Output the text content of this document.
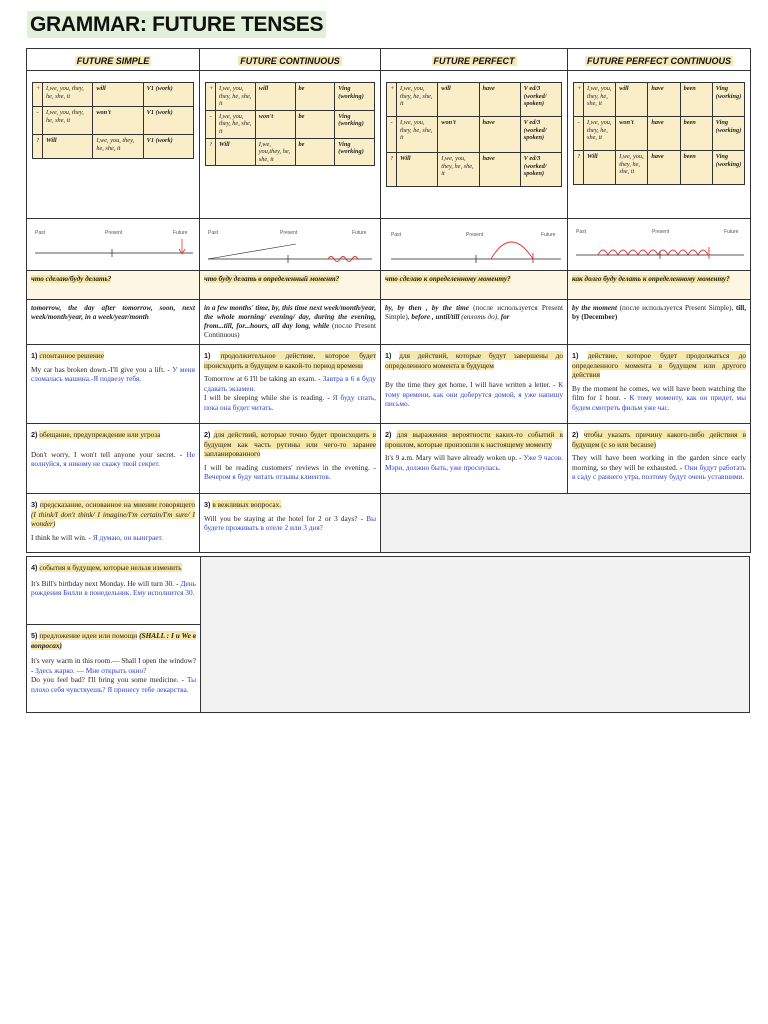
GRAMMAR: FUTURE TENSES
FUTURE SIMPLE	FUTURE CONTINUOUS	FUTURE PERFECT	FUTURE PERFECT CONTINUOUS

+	I,we, you, they, he, she, it	will	V1 (work)
-	I,we, you, they, he, she, it	won't	V1 (work)
?	Will	I,we, you, they, he, she, it	V1 (work)

+	I,we, you, they, he, she, it	will	be	Ving (working)
-	I,we, you, they, he, she, it	won't	be	Ving (working)
?	Will	I,we, you,they, he, she, it	be	Ving (working)

+	I,we, you, they, he, she, it	will	have	V ed/3 (worked/ spoken)
-	I,we, you, they, he, she, it	won't	have	V ed/3 (worked/ spoken)
?	Will	I,we, you, they, he, she, it	have	V ed/3 (worked/ spoken)

+	I,we, you, they, he, she, it	will	have	been	Ving (working)
-	I,we, you, they, he, she, it	won't	have	been	Ving (working)
?	Will	I,we, you, they, he, she, it	have	been	Ving (working)

Past	Present	Future	Past	Present	Future	Past	Present	Future	Past	Present	Future

что сделаю/буду делать?	что буду делать в определенный момент?	что сделаю к определенному моменту?	как долго буду делать к определенному моменту?
tomorrow, the day after tomorrow, soon, next week/month/year, in a week/year/month	in a few months' time, by, this time next week/month/year, the whole morning/ evening/ day, during the evening, from...till, for...hours, all day long, while (после Present Continuous)	by, by then , by the time (после используется Present Simple), before , until/till (вплоть до), for	by the moment (после используется Present Simple), till, by (December)

1) спонтанное решение

My car has broken down.-I'll give you a lift. - У меня сломалась машина.-Я подвезу тебя.

1) продолжительное действие, которое будет происходить в будущем в какой-то период времени

Tomorrow at 6 I'll be taking an exam. - Завтра в 6 я буду сдавать экзамен.
I will be sleeping while she is reading. - Я буду спать, пока она будет читать.

1) для действий, которые будут завершены до определенного момента в будущем

By the time they get home, I will have written a letter. - К тому времени, как они доберутся домой, я уже напишу письмо.

1) действие, которое будет продолжаться до определенного момента в будущем или другого действия

By the moment he comes, we will have been watching the film for 1 hour. - К тому моменту, как он придет, мы будем смотреть фильм уже час.

2) обещание, предупреждение или угроза

Don't worry, I won't tell anyone your secret. - Не волнуйся, я никому не скажу твой секрет.

2) для действий, которые точно будет происходить в будущем как часть рутины или чего-то заранее запланированного

I will be reading customers' reviews in the evening. - Вечером я буду читать отзывы клиентов.

2) для выражения вероятности каких-то событий в прошлом, которые произошли к настоящему моменту

It's 9 a.m. Mary will have already woken up. - Уже 9 часов. Мэри, должно быть, уже проснулась.

2) чтобы указать причину какого-либо действия в будущем (с so или because)

They will have been working in the garden since early morning, so they will be exhausted. - Они будут работать в саду с раннего утра, поэтому будут очень уставшими.

3) предсказание, основанное на мнении говорящего (I think/I don't think/ I imagine/I'm certain/I'm sure/ I wonder)

I think he will win. - Я думаю, он выиграет.

3) в вежливых вопросах.

Will you be staying at the hotel for 2 or 3 days? - Вы будете проживать в отеле 2 или 3 дня?

4) события в будущем, которые нельзя изменить

It's Bill's birthday next Monday. He will turn 30. - День рождения Билли в понедельник. Ему исполнится 30.

5) предложение идеи или помощи (SHALL : I и We в вопросах)

It's very warm in this room.— Shall I open the window? - Здесь жарко. — Мне открыть окно?
Do you feel bad? I'll bring you some medicine. - Ты плохо себя чувствуешь? Я принесу тебе лекарства.
